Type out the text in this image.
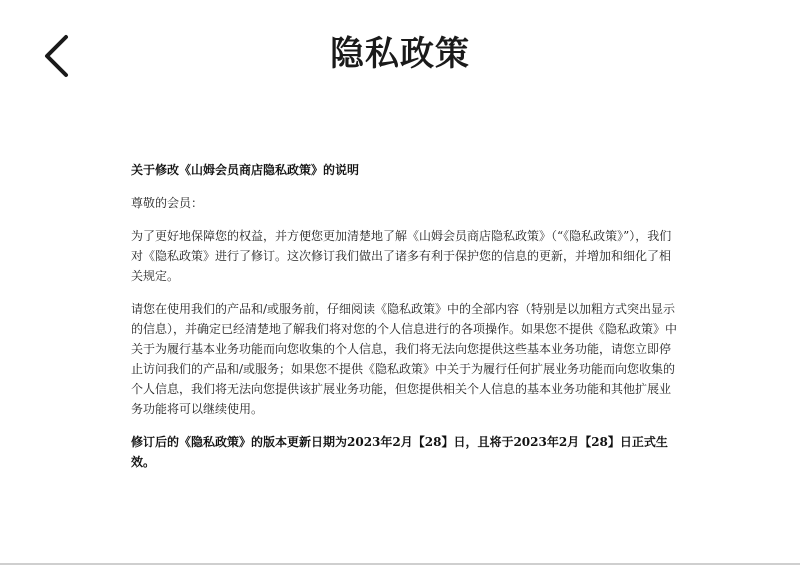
隐私政策

关于修改《山姆会员商店隐私政策》的说明

尊敬的会员：

为了更好地保障您的权益，并方便您更加清楚地了解《山姆会员商店隐私政策》（“《隐私政策》”），我们对《隐私政策》进行了修订。这次修订我们做出了诸多有利于保护您的信息的更新，并增加和细化了相关规定。

请您在使用我们的产品和/或服务前，仔细阅读《隐私政策》中的全部内容（特别是以加粗方式突出显示的信息），并确定已经清楚地了解我们将对您的个人信息进行的各项操作。如果您不提供《隐私政策》中关于为履行基本业务功能而向您收集的个人信息，我们将无法向您提供这些基本业务功能，请您立即停止访问我们的产品和/或服务；如果您不提供《隐私政策》中关于为履行任何扩展业务功能而向您收集的个人信息，我们将无法向您提供该扩展业务功能，但您提供相关个人信息的基本业务功能和其他扩展业务功能将可以继续使用。

修订后的《隐私政策》的版本更新日期为2023年2月【28】日，且将于2023年2月【28】日正式生效。
